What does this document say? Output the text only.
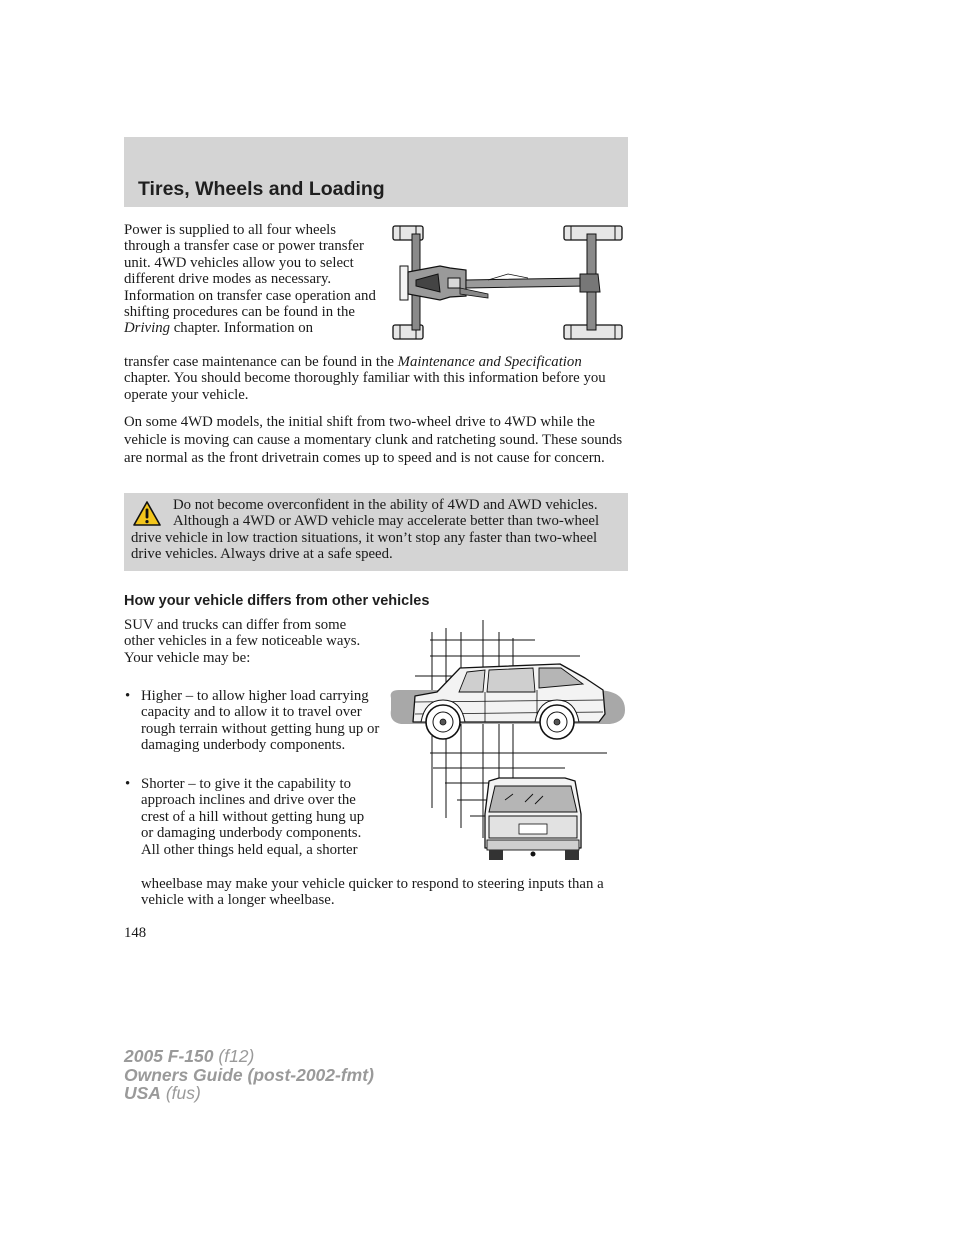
Tires, Wheels and Loading

Power is supplied to all four wheels through a transfer case or power transfer unit. 4WD vehicles allow you to select different drive modes as necessary. Information on transfer case operation and shifting procedures can be found in the Driving chapter. Information on

transfer case maintenance can be found in the Maintenance and Specification chapter. You should become thoroughly familiar with this information before you operate your vehicle.

On some 4WD models, the initial shift from two-wheel drive to 4WD while the vehicle is moving can cause a momentary clunk and ratcheting sound. These sounds are normal as the front drivetrain comes up to speed and is not cause for concern.

Do not become overconfident in the ability of 4WD and AWD vehicles. Although a 4WD or AWD vehicle may accelerate better than two-wheel drive vehicle in low traction situations, it won’t stop any faster than two-wheel drive vehicles. Always drive at a safe speed.

How your vehicle differs from other vehicles

SUV and trucks can differ from some other vehicles in a few noticeable ways. Your vehicle may be:

• Higher – to allow higher load carrying capacity and to allow it to travel over rough terrain without getting hung up or damaging underbody components.
• Shorter – to give it the capability to approach inclines and drive over the crest of a hill without getting hung up or damaging underbody components. All other things held equal, a shorter

wheelbase may make your vehicle quicker to respond to steering inputs than a vehicle with a longer wheelbase.

148

2005 F-150 (f12)
Owners Guide (post-2002-fmt)
USA (fus)
